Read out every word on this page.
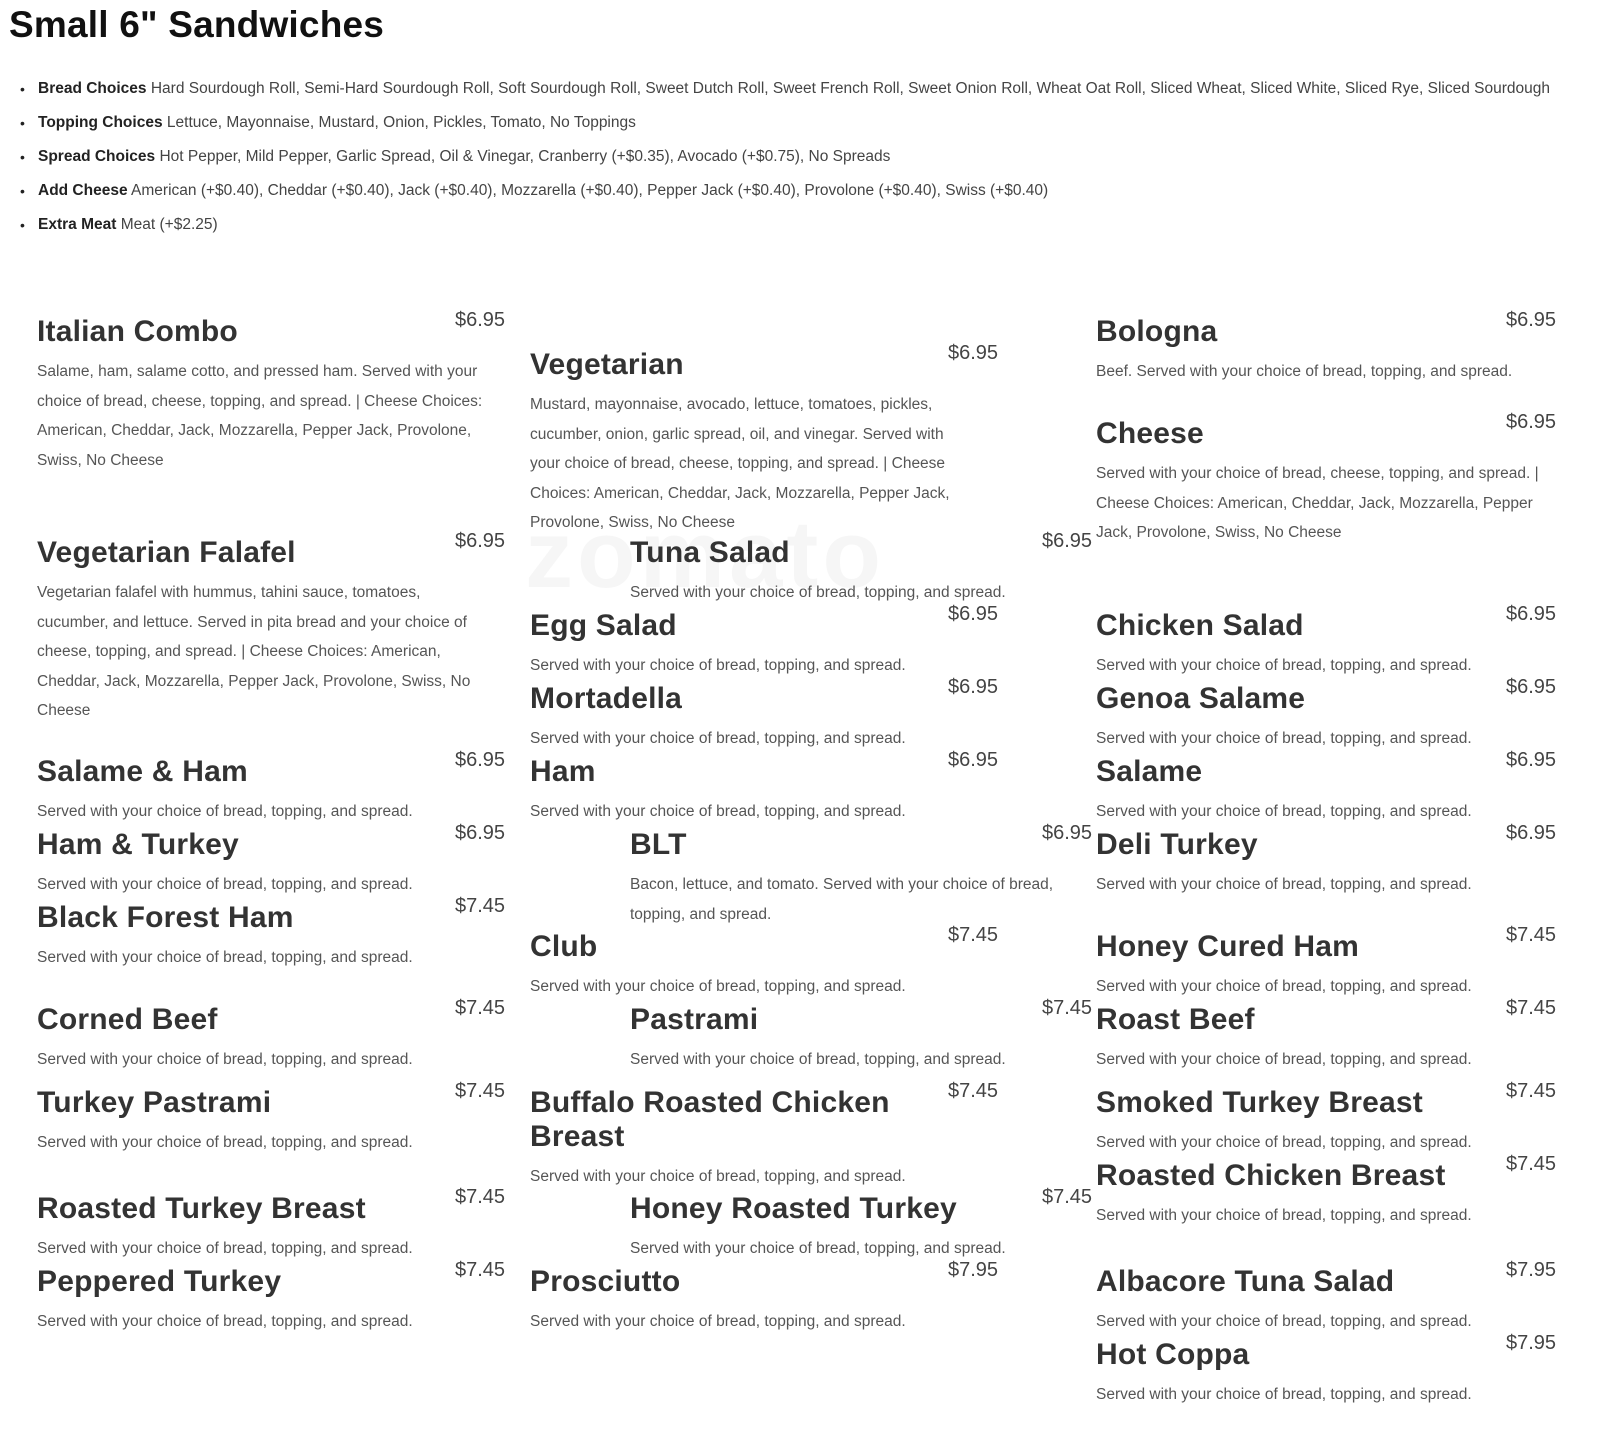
Small 6" Sandwiches
• Bread Choices Hard Sourdough Roll, Semi-Hard Sourdough Roll, Soft Sourdough Roll, Sweet Dutch Roll, Sweet French Roll, Sweet Onion Roll, Wheat Oat Roll, Sliced Wheat, Sliced White, Sliced Rye, Sliced Sourdough
• Topping Choices Lettuce, Mayonnaise, Mustard, Onion, Pickles, Tomato, No Toppings
• Spread Choices Hot Pepper, Mild Pepper, Garlic Spread, Oil & Vinegar, Cranberry (+$0.35), Avocado (+$0.75), No Spreads
• Add Cheese American (+$0.40), Cheddar (+$0.40), Jack (+$0.40), Mozzarella (+$0.40), Pepper Jack (+$0.40), Provolone (+$0.40), Swiss (+$0.40)
• Extra Meat Meat (+$2.25)
Italian Combo	$6.95

Salame, ham, salame cotto, and pressed ham. Served with your choice of bread, cheese, topping, and spread. | Cheese Choices: American, Cheddar, Jack, Mozzarella, Pepper Jack, Provolone, Swiss, No Cheese

Vegetarian Falafel	$6.95

Vegetarian falafel with hummus, tahini sauce, tomatoes, cucumber, and lettuce. Served in pita bread and your choice of cheese, topping, and spread. | Cheese Choices: American, Cheddar, Jack, Mozzarella, Pepper Jack, Provolone, Swiss, No Cheese

Salame & Ham	$6.95

Served with your choice of bread, topping, and spread.

Ham & Turkey	$6.95

Served with your choice of bread, topping, and spread.

Black Forest Ham	$7.45

Served with your choice of bread, topping, and spread.

Corned Beef	$7.45

Served with your choice of bread, topping, and spread.

Turkey Pastrami	$7.45

Served with your choice of bread, topping, and spread.

Roasted Turkey Breast	$7.45

Served with your choice of bread, topping, and spread.

Peppered Turkey	$7.45

Served with your choice of bread, topping, and spread.

Vegetarian	$6.95

Mustard, mayonnaise, avocado, lettuce, tomatoes, pickles, cucumber, onion, garlic spread, oil, and vinegar. Served with your choice of bread, cheese, topping, and spread. | Cheese Choices: American, Cheddar, Jack, Mozzarella, Pepper Jack, Provolone, Swiss, No Cheese

Tuna Salad	$6.95

Served with your choice of bread, topping, and spread.

Egg Salad	$6.95

Served with your choice of bread, topping, and spread.

Mortadella	$6.95

Served with your choice of bread, topping, and spread.

Ham	$6.95

Served with your choice of bread, topping, and spread.

BLT	$6.95

Bacon, lettuce, and tomato. Served with your choice of bread, topping, and spread.

Club	$7.45

Served with your choice of bread, topping, and spread.

Pastrami	$7.45

Served with your choice of bread, topping, and spread.

Buffalo Roasted Chicken Breast
$7.45

Served with your choice of bread, topping, and spread.

Honey Roasted Turkey	$7.45

Served with your choice of bread, topping, and spread.

Prosciutto	$7.95

Served with your choice of bread, topping, and spread.

Bologna	$6.95

Beef. Served with your choice of bread, topping, and spread.

Cheese	$6.95

Served with your choice of bread, cheese, topping, and spread. | Cheese Choices: American, Cheddar, Jack, Mozzarella, Pepper Jack, Provolone, Swiss, No Cheese

Chicken Salad	$6.95

Served with your choice of bread, topping, and spread.

Genoa Salame	$6.95

Served with your choice of bread, topping, and spread.

Salame	$6.95

Served with your choice of bread, topping, and spread.

Deli Turkey	$6.95

Served with your choice of bread, topping, and spread.

Honey Cured Ham	$7.45

Served with your choice of bread, topping, and spread.

Roast Beef	$7.45

Served with your choice of bread, topping, and spread.

Smoked Turkey Breast	$7.45

Served with your choice of bread, topping, and spread.

Roasted Chicken Breast	$7.45

Served with your choice of bread, topping, and spread.

Albacore Tuna Salad	$7.95

Served with your choice of bread, topping, and spread.

Hot Coppa	$7.95

Served with your choice of bread, topping, and spread.
